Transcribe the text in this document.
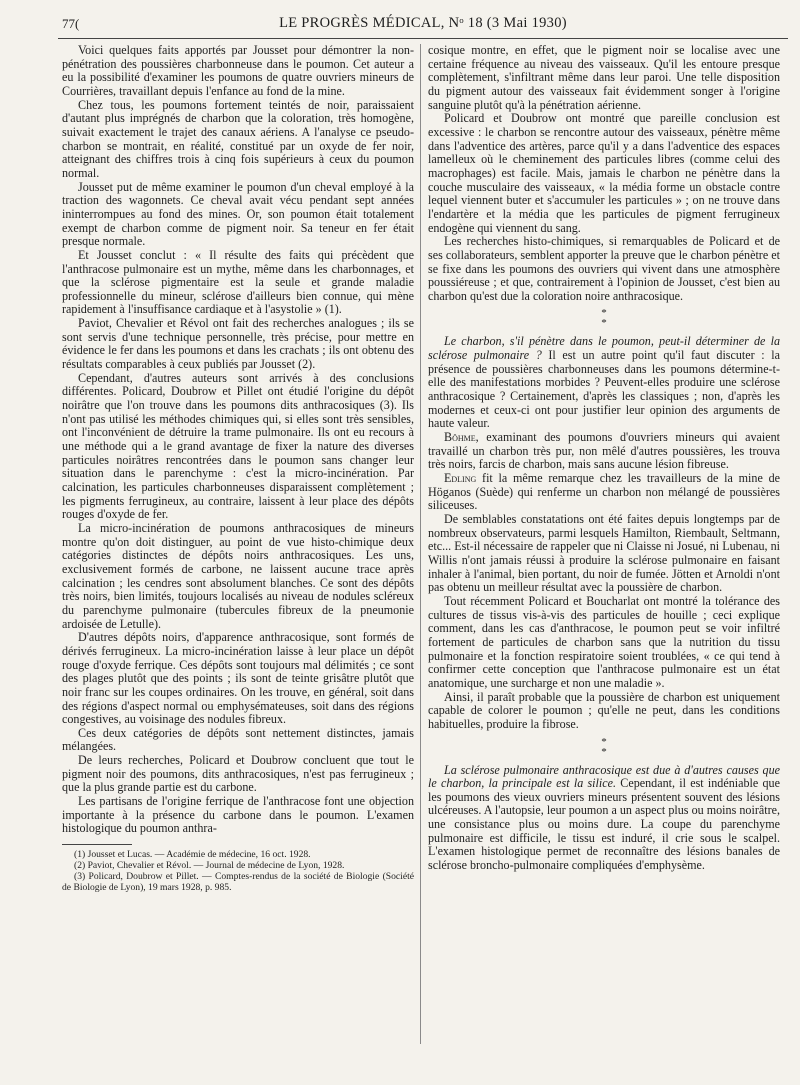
77(	LE PROGRÈS MÉDICAL, Nᵒ 18 (3 Mai 1930)

Voici quelques faits apportés par Jousset pour démontrer la non-pénétration des poussières charbonneuse dans le poumon. Cet auteur a eu la possibilité d'examiner les poumons de quatre ouvriers mineurs de Courrières, travaillant depuis l'enfance au fond de la mine.

Chez tous, les poumons fortement teintés de noir, paraissaient d'autant plus imprégnés de charbon que la coloration, très homogène, suivait exactement le trajet des canaux aériens. A l'analyse ce pseudo-charbon se montrait, en réalité, constitué par un oxyde de fer noir, atteignant des chiffres trois à cinq fois supérieurs à ceux du poumon normal.

Jousset put de même examiner le poumon d'un cheval employé à la traction des wagonnets. Ce cheval avait vécu pendant sept années ininterrompues au fond des mines. Or, son poumon était totalement exempt de charbon comme de pigment noir. Sa teneur en fer était presque normale.

Et Jousset conclut : « Il résulte des faits qui précèdent que l'anthracose pulmonaire est un mythe, même dans les charbonnages, et que la sclérose pigmentaire est la seule et grande maladie professionnelle du mineur, sclérose d'ailleurs bien connue, qui mène rapidement à l'insuffisance cardiaque et à l'asystolie » (1).

Paviot, Chevalier et Révol ont fait des recherches analogues ; ils se sont servis d'une technique personnelle, très précise, pour mettre en évidence le fer dans les poumons et dans les crachats ; ils ont obtenu des résultats comparables à ceux publiés par Jousset (2).

Cependant, d'autres auteurs sont arrivés à des conclusions différentes. Policard, Doubrow et Pillet ont étudié l'origine du dépôt noirâtre que l'on trouve dans les poumons dits anthracosiques (3). Ils n'ont pas utilisé les méthodes chimiques qui, si elles sont très sensibles, ont l'inconvénient de détruire la trame pulmonaire. Ils ont eu recours à une méthode qui a le grand avantage de fixer la nature des diverses particules noirâtres rencontrées dans le poumon sans changer leur situation dans le parenchyme : c'est la micro-incinération. Par calcination, les particules charbonneuses disparaissent complètement ; les pigments ferrugineux, au contraire, laissent à leur place des dépôts rouges d'oxyde de fer.

La micro-incinération de poumons anthracosiques de mineurs montre qu'on doit distinguer, au point de vue histo-chimique deux catégories distinctes de dépôts noirs anthracosiques. Les uns, exclusivement formés de carbone, ne laissent aucune trace après calcination ; les cendres sont absolument blanches. Ce sont des dépôts très noirs, bien limités, toujours localisés au niveau de nodules scléreux du parenchyme pulmonaire (tubercules fibreux de la pneumonie ardoisée de Letulle).

D'autres dépôts noirs, d'apparence anthracosique, sont formés de dérivés ferrugineux. La micro-incinération laisse à leur place un dépôt rouge d'oxyde ferrique. Ces dépôts sont toujours mal délimités ; ce sont des plages plutôt que des points ; ils sont de teinte grisâtre plutôt que noir franc sur les coupes ordinaires. On les trouve, en général, soit dans des régions d'aspect normal ou emphysémateuses, soit dans des régions congestives, au voisinage des nodules fibreux.

Ces deux catégories de dépôts sont nettement distinctes, jamais mélangées.

De leurs recherches, Policard et Doubrow concluent que tout le pigment noir des poumons, dits anthracosiques, n'est pas ferrugineux ; que la plus grande partie est du carbone.

Les partisans de l'origine ferrique de l'anthracose font une objection importante à la présence du carbone dans le poumon. L'examen histologique du poumon anthra-

(1) Jousset et Lucas. — Académie de médecine, 16 oct. 1928.

(2) Paviot, Chevalier et Révol. — Journal de médecine de Lyon, 1928.

(3) Policard, Doubrow et Pillet. — Comptes-rendus de la société de Biologie (Société de Biologie de Lyon), 19 mars 1928, p. 985.

cosique montre, en effet, que le pigment noir se localise avec une certaine fréquence au niveau des vaisseaux. Qu'il les entoure presque complètement, s'infiltrant même dans leur paroi. Une telle disposition du pigment autour des vaisseaux fait évidemment songer à l'origine sanguine plutôt qu'à la pénétration aérienne.

Policard et Doubrow ont montré que pareille conclusion est excessive : le charbon se rencontre autour des vaisseaux, pénètre même dans l'adventice des artères, parce qu'il y a dans l'adventice des espaces lamelleux où le cheminement des particules libres (comme celui des macrophages) est facile. Mais, jamais le charbon ne pénètre dans la couche musculaire des vaisseaux, « la média forme un obstacle contre lequel viennent buter et s'accumuler les particules » ; on ne trouve dans l'endartère et la média que les particules de pigment ferrugineux endogène qui viennent du sang.

Les recherches histo-chimiques, si remarquables de Policard et de ses collaborateurs, semblent apporter la preuve que le charbon pénètre et se fixe dans les poumons des ouvriers qui vivent dans une atmosphère poussiéreuse ; et que, contrairement à l'opinion de Jousset, c'est bien au charbon qu'est due la coloration noire anthracosique.

*
*

Le charbon, s'il pénètre dans le poumon, peut-il déterminer de la sclérose pulmonaire ? Il est un autre point qu'il faut discuter : la présence de poussières charbonneuses dans les poumons détermine-t-elle des manifestations morbides ? Peuvent-elles produire une sclérose anthracosique ? Certainement, d'après les classiques ; non, d'après les modernes et ceux-ci ont pour justifier leur opinion des arguments de haute valeur.

Böhme, examinant des poumons d'ouvriers mineurs qui avaient travaillé un charbon très pur, non mêlé d'autres poussières, les trouva très noirs, farcis de charbon, mais sans aucune lésion fibreuse.

Edling fit la même remarque chez les travailleurs de la mine de Höganos (Suède) qui renferme un charbon non mélangé de poussières siliceuses.

De semblables constatations ont été faites depuis longtemps par de nombreux observateurs, parmi lesquels Hamilton, Riembault, Seltmann, etc... Est-il nécessaire de rappeler que ni Claisse ni Josué, ni Lubenau, ni Willis n'ont jamais réussi à produire la sclérose pulmonaire en faisant inhaler à l'animal, bien portant, du noir de fumée. Jötten et Arnoldi n'ont pas obtenu un meilleur résultat avec la poussière de charbon.

Tout récemment Policard et Boucharlat ont montré la tolérance des cultures de tissus vis-à-vis des particules de houille ; ceci explique comment, dans les cas d'anthracose, le poumon peut se voir infiltré fortement de particules de charbon sans que la nutrition du tissu pulmonaire et la fonction respiratoire soient troublées, « ce qui tend à confirmer cette conception que l'anthracose pulmonaire est un état anatomique, une surcharge et non une maladie ».

Ainsi, il paraît probable que la poussière de charbon est uniquement capable de colorer le poumon ; qu'elle ne peut, dans les conditions habituelles, produire la fibrose.

*
*

La sclérose pulmonaire anthracosique est due à d'autres causes que le charbon, la principale est la silice. Cependant, il est indéniable que les poumons des vieux ouvriers mineurs présentent souvent des lésions ulcéreuses. A l'autopsie, leur poumon a un aspect plus ou moins noirâtre, une consistance plus ou moins dure. La coupe du parenchyme pulmonaire est difficile, le tissu est induré, il crie sous le scalpel. L'examen histologique permet de reconnaître des lésions banales de sclérose broncho-pulmonaire compliquées d'emphysème.
